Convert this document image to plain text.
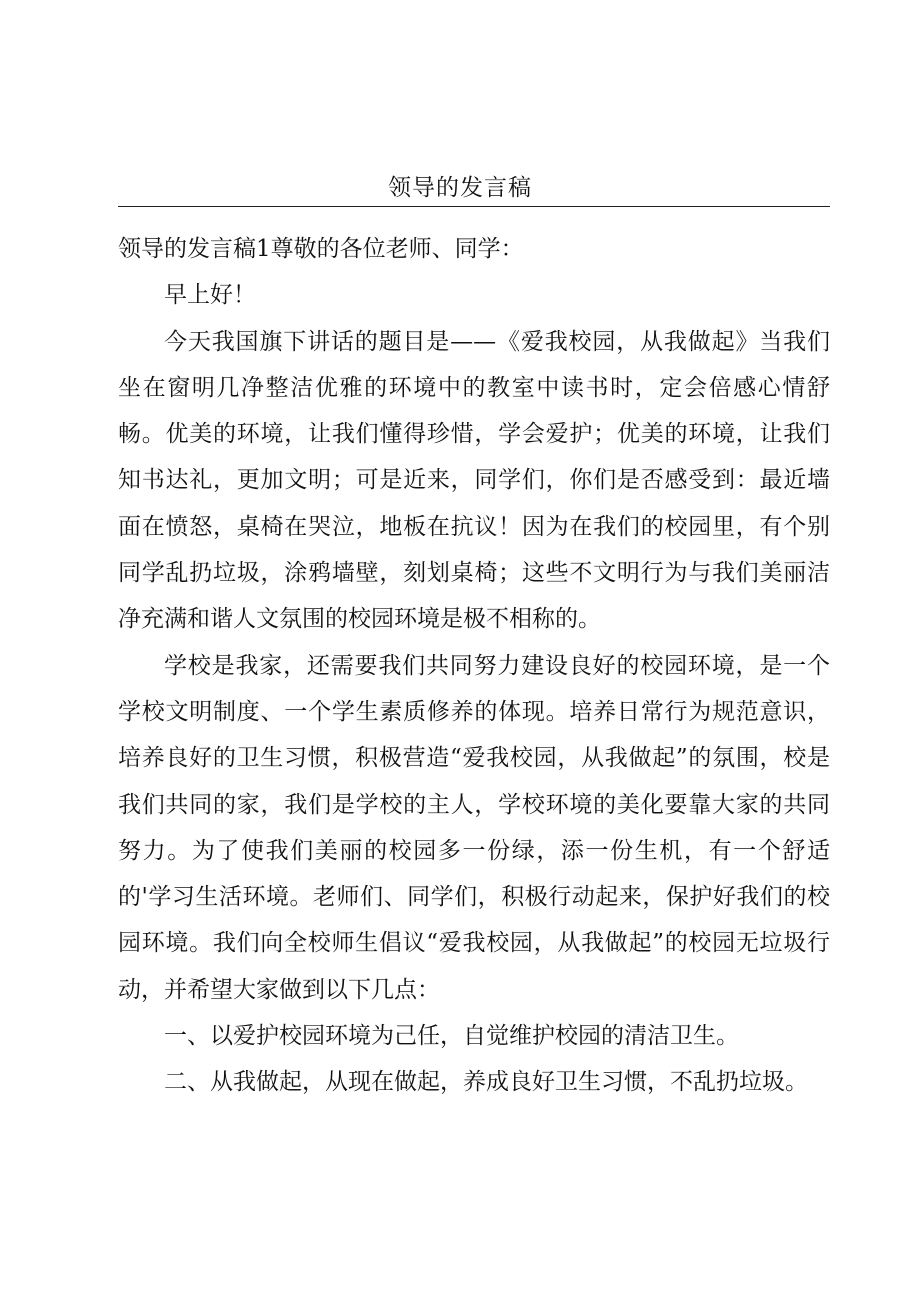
领导的发言稿

领导的发言稿1尊敬的各位老师、同学：

早上好！

今天我国旗下讲话的题目是——《爱我校园，从我做起》当我们坐在窗明几净整洁优雅的环境中的教室中读书时，定会倍感心情舒畅。优美的环境，让我们懂得珍惜，学会爱护；优美的环境，让我们知书达礼，更加文明；可是近来，同学们，你们是否感受到：最近墙面在愤怒，桌椅在哭泣，地板在抗议！因为在我们的校园里，有个别同学乱扔垃圾，涂鸦墙壁，刻划桌椅；这些不文明行为与我们美丽洁净充满和谐人文氛围的校园环境是极不相称的。

学校是我家，还需要我们共同努力建设良好的校园环境，是一个学校文明制度、一个学生素质修养的体现。培养日常行为规范意识，培养良好的卫生习惯，积极营造“爱我校园，从我做起”的氛围，校是我们共同的家，我们是学校的主人，学校环境的美化要靠大家的共同努力。为了使我们美丽的校园多一份绿，添一份生机，有一个舒适的'学习生活环境。老师们、同学们，积极行动起来，保护好我们的校园环境。我们向全校师生倡议“爱我校园，从我做起”的校园无垃圾行动，并希望大家做到以下几点：

一、以爱护校园环境为己任，自觉维护校园的清洁卫生。

二、从我做起，从现在做起，养成良好卫生习惯，不乱扔垃圾。
